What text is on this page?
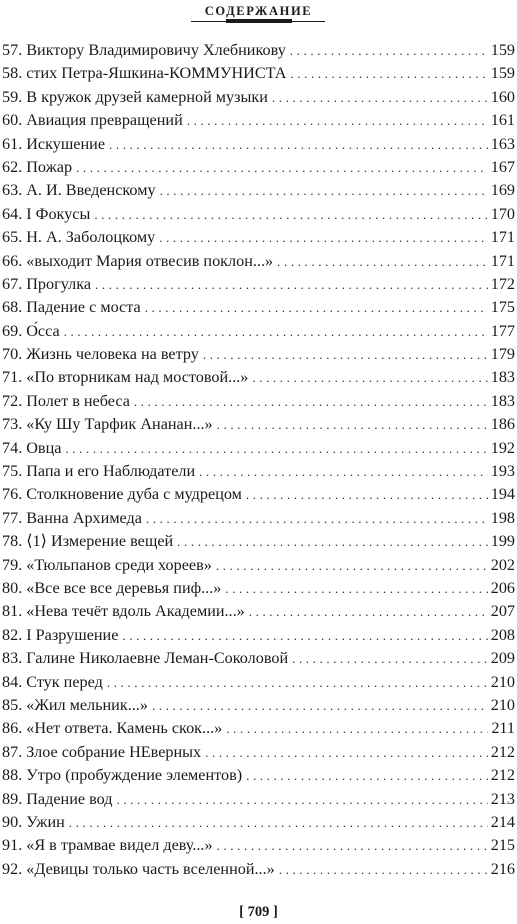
СОДЕРЖАНИЕ
57. Виктору Владимировичу Хлебникову .....	159
58. стих Петра-Яшкина-КОММУНИСТА .....	159
59. В кружок друзей камерной музыки .....	160
60. Авиация превращений .....	161
61. Искушение .....	163
62. Пожар .....	167
63. А. И. Введенскому .....	169
64. I Фокусы .....	170
65. Н. А. Заболоцкому .....	171
66. «выходит Мария отвесив поклон...» .....	171
67. Прогулка .....	172
68. Падение с моста .....	175
69. О́сса .....	177
70. Жизнь человека на ветру .....	179
71. «По вторникам над мостовой...» .....	183
72. Полет в небеса .....	183
73. «Ку Шу Тарфик Ананан...» .....	186
74. Овца .....	192
75. Папа и его Наблюдатели .....	193
76. Столкновение дуба с мудрецом .....	194
77. Ванна Архимеда .....	198
78. ⟨1⟩ Измерение вещей .....	199
79. «Тюльпанов среди хореев» .....	202
80. «Все все все деревья пиф...» .....	206
81. «Нева течёт вдоль Академии...» .....	207
82. I Разрушение .....	208
83. Галине Николаевне Леман-Соколовой .....	209
84. Стук перед .....	210
85. «Жил мельник...» .....	210
86. «Нет ответа. Камень скок...» .....	211
87. Злое собрание НЕверных .....	212
88. Утро (пробуждение элементов) .....	212
89. Падение вод .....	213
90. Ужин .....	214
91. «Я в трамвае видел деву...» .....	215
92. «Девицы только часть вселенной...» .....	216
[ 709 ]
